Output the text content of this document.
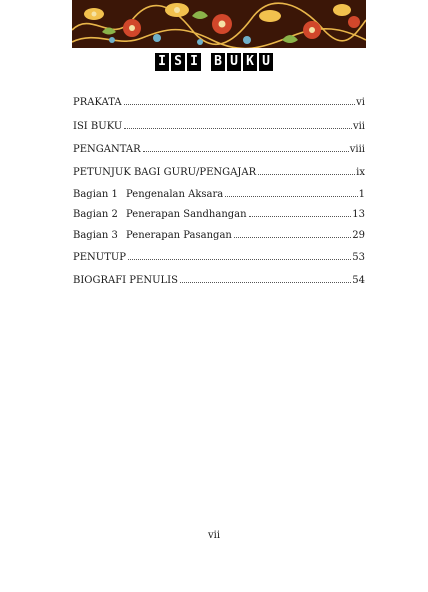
I S I B U K U
PRAKATA	vi
ISI BUKU	vii
PENGANTAR	viii
PETUNJUK BAGI GURU/PENGAJAR	ix
Bagian 1 Pengenalan Aksara	1
Bagian 2 Penerapan Sandhangan	13
Bagian 3 Penerapan Pasangan	29
PENUTUP	53
BIOGRAFI PENULIS	54
vii
